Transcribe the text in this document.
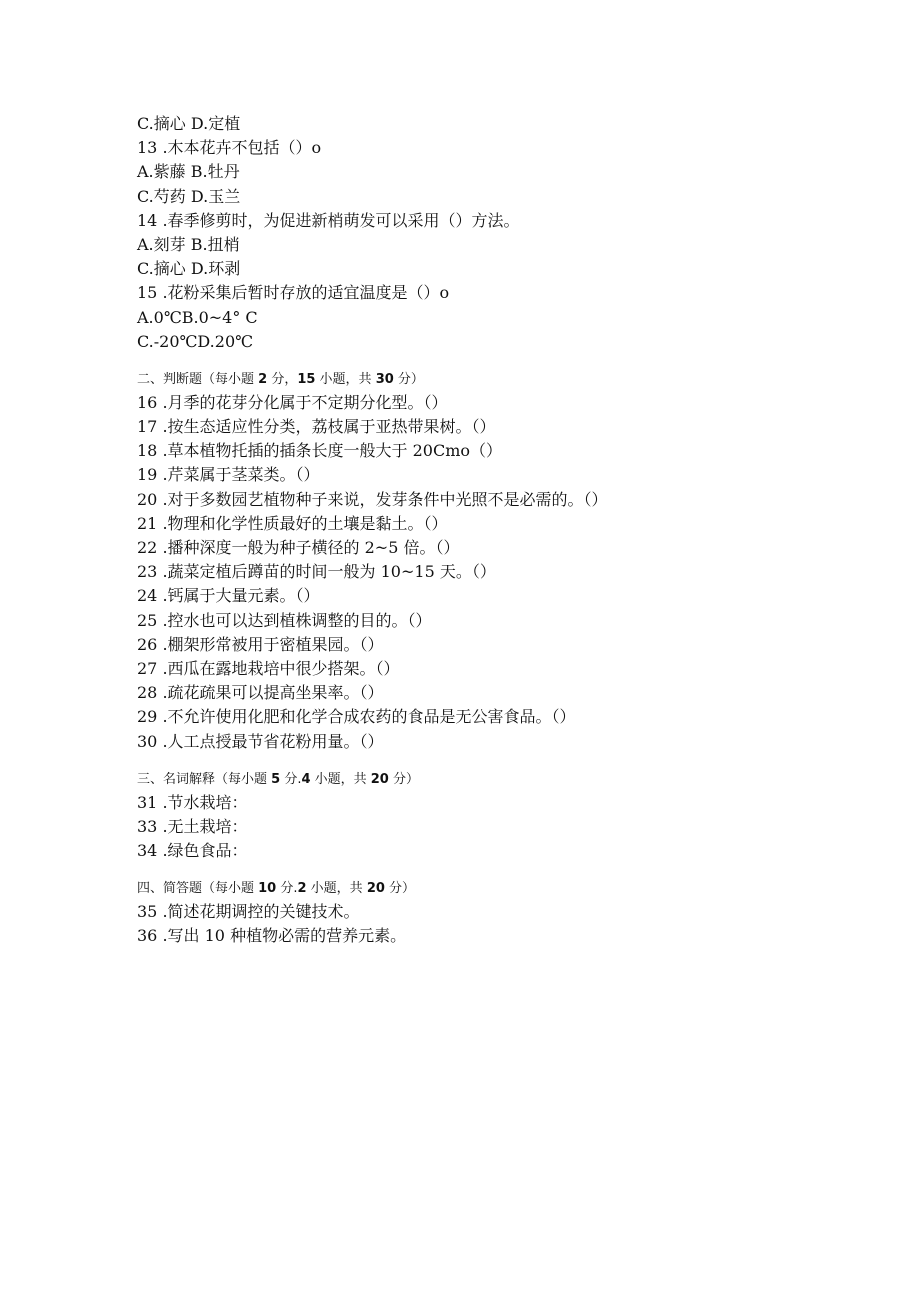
C.摘心 D.定植
13 .木本花卉不包括（）o
A.紫藤 B.牡丹
C.芍药 D.玉兰
14 .春季修剪时，为促进新梢萌发可以采用（）方法。
A.刻芽 B.扭梢
C.摘心 D.环剥
15 .花粉采集后暂时存放的适宜温度是（）o
A.0℃B.0~4° C
C.-20℃D.20℃
二、判断题（每小题 2 分，15 小题，共 30 分）
16 .月季的花芽分化属于不定期分化型。（）
17 .按生态适应性分类，荔枝属于亚热带果树。（）
18 .草本植物托插的插条长度一般大于 20Cmo（）
19 .芹菜属于茎菜类。（）
20 .对于多数园艺植物种子来说，发芽条件中光照不是必需的。（）
21 .物理和化学性质最好的土壤是黏土。（）
22 .播种深度一般为种子横径的 2~5 倍。（）
23 .蔬菜定植后蹲苗的时间一般为 10~15 天。（）
24 .钙属于大量元素。（）
25 .控水也可以达到植株调整的目的。（）
26 .棚架形常被用于密植果园。（）
27 .西瓜在露地栽培中很少搭架。（）
28 .疏花疏果可以提高坐果率。（）
29 .不允许使用化肥和化学合成农药的食品是无公害食品。（）
30 .人工点授最节省花粉用量。（）
三、名词解释（每小题 5 分.4 小题，共 20 分）
31 .节水栽培：
33 .无土栽培：
34 .绿色食品：
四、简答题（每小题 10 分.2 小题，共 20 分）
35 .简述花期调控的关键技术。
36 .写出 10 种植物必需的营养元素。
